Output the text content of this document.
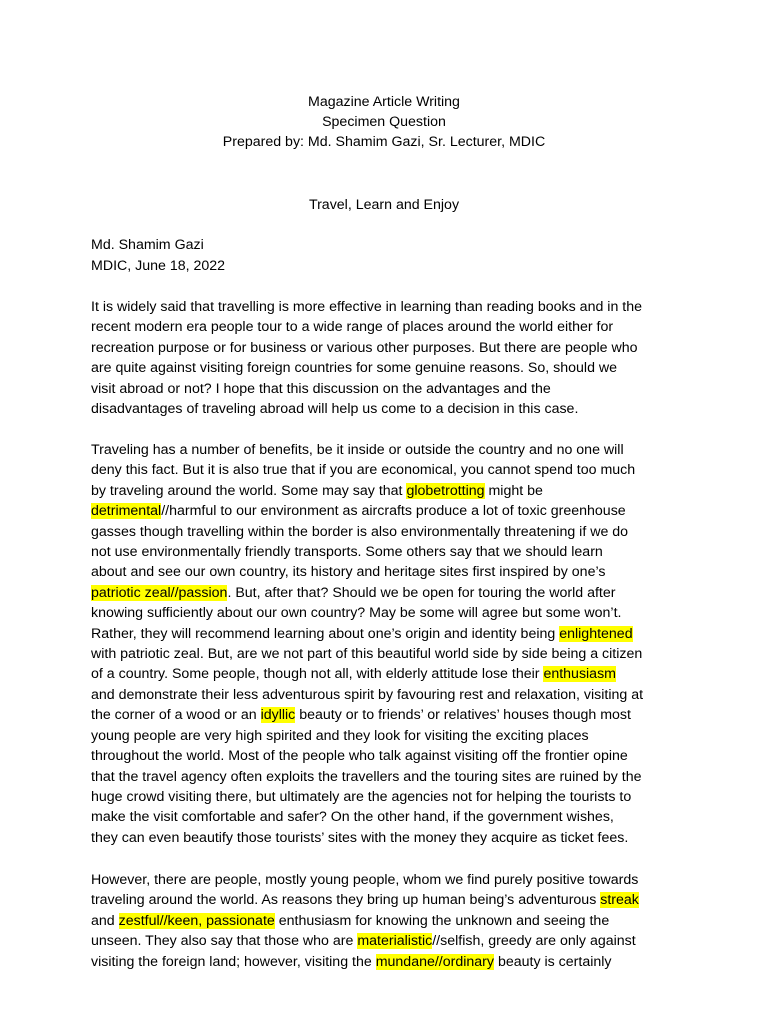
Magazine Article Writing
Specimen Question
Prepared by: Md. Shamim Gazi, Sr. Lecturer, MDIC
Travel, Learn and Enjoy
Md. Shamim Gazi
MDIC, June 18, 2022
It is widely said that travelling is more effective in learning than reading books and in the
recent modern era people tour to a wide range of places around the world either for
recreation purpose or for business or various other purposes. But there are people who
are quite against visiting foreign countries for some genuine reasons. So, should we
visit abroad or not? I hope that this discussion on the advantages and the
disadvantages of traveling abroad will help us come to a decision in this case.
Traveling has a number of benefits, be it inside or outside the country and no one will
deny this fact. But it is also true that if you are economical, you cannot spend too much
by traveling around the world. Some may say that globetrotting might be
detrimental//harmful to our environment as aircrafts produce a lot of toxic greenhouse
gasses though travelling within the border is also environmentally threatening if we do
not use environmentally friendly transports. Some others say that we should learn
about and see our own country, its history and heritage sites first inspired by one’s
patriotic zeal//passion. But, after that? Should we be open for touring the world after
knowing sufficiently about our own country? May be some will agree but some won’t.
Rather, they will recommend learning about one’s origin and identity being enlightened
with patriotic zeal. But, are we not part of this beautiful world side by side being a citizen
of a country. Some people, though not all, with elderly attitude lose their enthusiasm
and demonstrate their less adventurous spirit by favouring rest and relaxation, visiting at
the corner of a wood or an idyllic beauty or to friends’ or relatives’ houses though most
young people are very high spirited and they look for visiting the exciting places
throughout the world. Most of the people who talk against visiting off the frontier opine
that the travel agency often exploits the travellers and the touring sites are ruined by the
huge crowd visiting there, but ultimately are the agencies not for helping the tourists to
make the visit comfortable and safer? On the other hand, if the government wishes,
they can even beautify those tourists’ sites with the money they acquire as ticket fees.
However, there are people, mostly young people, whom we find purely positive towards
traveling around the world. As reasons they bring up human being’s adventurous streak
and zestful//keen, passionate enthusiasm for knowing the unknown and seeing the
unseen. They also say that those who are materialistic//selfish, greedy are only against
visiting the foreign land; however, visiting the mundane//ordinary beauty is certainly
